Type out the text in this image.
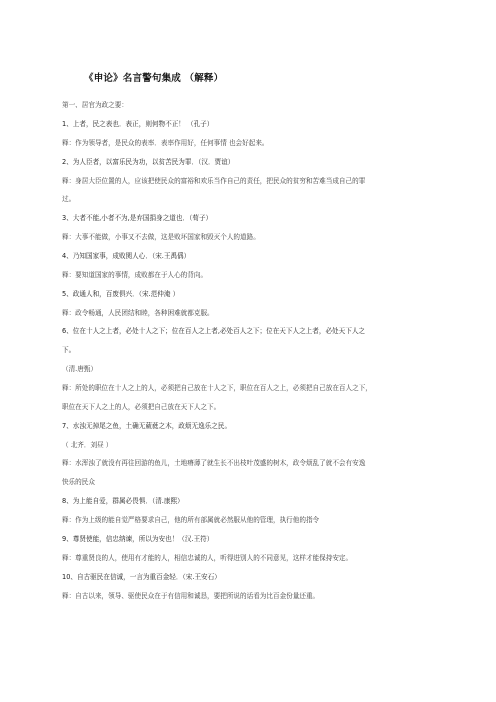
《申论》名言警句集成 （解释）
第一、居官为政之要：
1、上者，民之表也．表正，则何物不正！ （孔子）
释：作为领导者，是民众的表率．表率作用好，任何事情 也会好起来。
2、为人臣者，以富乐民为功，以贫苦民为罪．（汉．贾谊）
释：身居大臣位置的人，应该把使民众的富裕和欢乐当作自己的责任，把民众的贫穷和苦难当成自己的罪
过。
3、大者不能,小者不为,是弃国捐身之道也．（荀子）
释：大事不能做，小事又不去做，这是败坏国家和毁灭个人的道路。
4、乃知国家事，成败関人心．（宋.王禹偁）
释：要知道国家的事情，成败都在于人心的背向。
5、政通人和，百废俱兴．（宋.范仲淹 ）
释：政令畅通，人民团结和睦，各种困难就都克服。
6、位在十人之上者，必处十人之下；位在百人之上者,必处百人之下；位在天下人之上者，必处天下人之
下。
（清.唐甄）
释：所处的职位在十人之上的人，必须把自己放在十人之下，职位在百人之上，必须把自己放在百人之下，
职位在天下人之上的人，必须把自己放在天下人之下。
7、水浊无掉尾之鱼，土确无葳蕤之木，政烦无逸乐之民。
（ 北齐．刘昼 ）
释：水浑浊了就没有再往回游的鱼儿，土地瘠薄了就生长不出枝叶茂盛的树木，政令烦乱了就不会有安逸
快乐的民众
8、为上能自爱，群属必畏惧．（清.康熙）
释：作为上级的能自觉严格要求自己，他的所有部属就必然服从他的管理，执行他的指令
9、尊贤使能，信忠纳谏，所以为安也！（汉.王符）
释：尊重贤良的人，使用有才能的人，相信忠诚的人，听得进别人的不同意见，这样才能保持安定。
10、自古驱民在信诚，一言为重百金轻．（宋.王安石）
释：自古以来，领导、驱使民众在于有信用和诚恳，要把所说的话看为比百金份量还重。
